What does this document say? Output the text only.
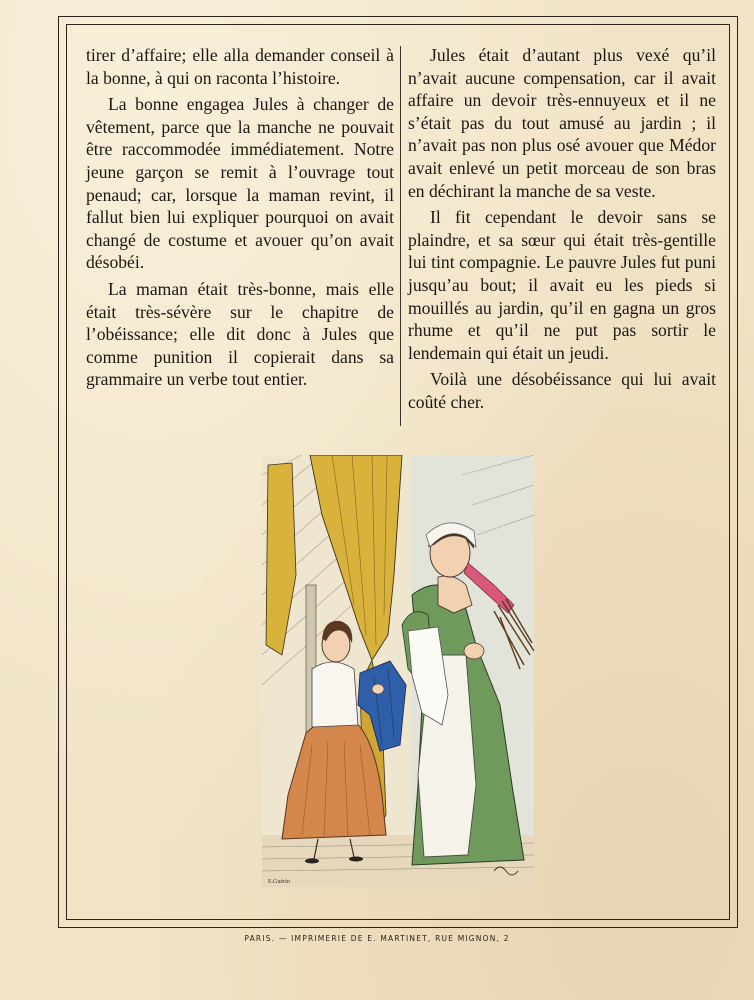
tirer d’affaire; elle alla demander conseil à la bonne, à qui on raconta l’histoire.

La bonne engagea Jules à changer de vêtement, parce que la manche ne pouvait être raccommodée immédiatement. Notre jeune garçon se remit à l’ouvrage tout penaud; car, lorsque la maman revint, il fallut bien lui expliquer pourquoi on avait changé de costume et avouer qu’on avait désobéi.

La maman était très-bonne, mais elle était très-sévère sur le chapitre de l’obéissance; elle dit donc à Jules que comme punition il copierait dans sa grammaire un verbe tout entier.

Jules était d’autant plus vexé qu’il n’avait aucune compensation, car il avait affaire un devoir très-ennuyeux et il ne s’était pas du tout amusé au jardin ; il n’avait pas non plus osé avouer que Médor avait enlevé un petit morceau de son bras en déchirant la manche de sa veste.

Il fit cependant le devoir sans se plaindre, et sa sœur qui était très-gentille lui tint compagnie. Le pauvre Jules fut puni jusqu’au bout; il avait eu les pieds si mouillés au jardin, qu’il en gagna un gros rhume et qu’il ne put pas sortir le lendemain qui était un jeudi.

Voilà une désobéissance qui lui avait coûté cher.

E.Guérin
PARIS. — IMPRIMERIE DE E. MARTINET, RUE MIGNON, 2
